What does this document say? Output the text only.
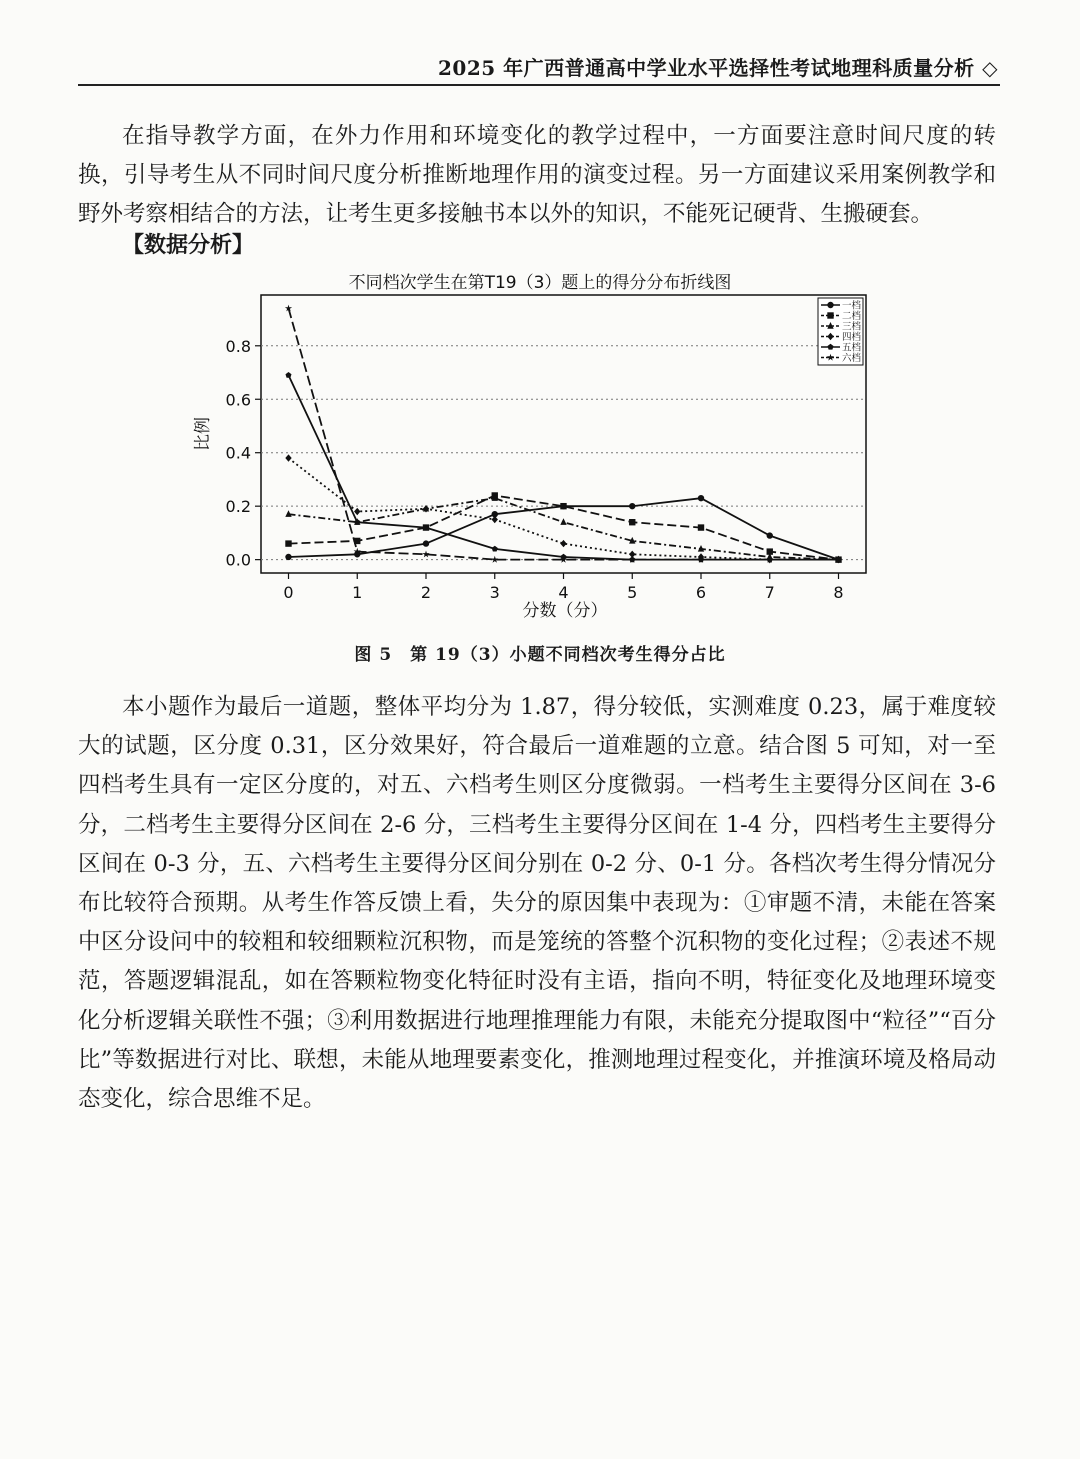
2025 年广西普通高中学业水平选择性考试地理科质量分析 ◇
在指导教学方面，在外力作用和环境变化的教学过程中，一方面要注意时间尺度的转换，引导考生从不同时间尺度分析推断地理作用的演变过程。另一方面建议采用案例教学和野外考察相结合的方法，让考生更多接触书本以外的知识，不能死记硬背、生搬硬套。
【数据分析】
不同档次学生在第T19（3）题上的得分分布折线图
0.0
0.2
0.4
0.6
0.8
0	1	2	3	4	5	6	7	8
一档
二档
三档
四档
五档
六档
分数（分）
比例
图 5　第 19（3）小题不同档次考生得分占比
本小题作为最后一道题，整体平均分为 1.87，得分较低，实测难度 0.23，属于难度较大的试题，区分度 0.31，区分效果好，符合最后一道难题的立意。结合图 5 可知，对一至四档考生具有一定区分度的，对五、六档考生则区分度微弱。一档考生主要得分区间在 3-6 分，二档考生主要得分区间在 2-6 分，三档考生主要得分区间在 1-4 分，四档考生主要得分区间在 0-3 分，五、六档考生主要得分区间分别在 0-2 分、0-1 分。各档次考生得分情况分布比较符合预期。从考生作答反馈上看，失分的原因集中表现为：①审题不清，未能在答案中区分设问中的较粗和较细颗粒沉积物，而是笼统的答整个沉积物的变化过程；②表述不规范，答题逻辑混乱，如在答颗粒物变化特征时没有主语，指向不明，特征变化及地理环境变化分析逻辑关联性不强；③利用数据进行地理推理能力有限，未能充分提取图中“粒径”“百分比”等数据进行对比、联想，未能从地理要素变化，推测地理过程变化，并推演环境及格局动态变化，综合思维不足。
